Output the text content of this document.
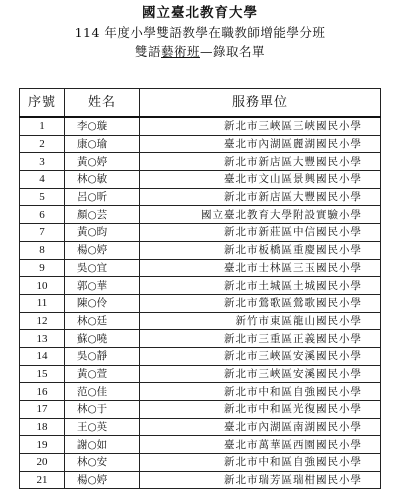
國立臺北教育大學
114 年度小學雙語教學在職教師增能學分班
雙語藝術班—錄取名單
序號	姓名	服務單位
1	李○璇	新北市三峽區三峽國民小學
2	康○瑜	臺北市內湖區麗湖國民小學
3	黃○婷	新北市新店區大豐國民小學
4	林○敏	臺北市文山區景興國民小學
5	呂○昕	新北市新店區大豐國民小學
6	顏○芸	國立臺北教育大學附設實驗小學
7	黃○昀	新北市新莊區中信國民小學
8	楊○婷	新北市板橋區重慶國民小學
9	吳○宜	臺北市士林區三玉國民小學
10	郭○華	新北市土城區土城國民小學
11	陳○伶	新北市鶯歌區鶯歌國民小學
12	林○廷	新竹市東區龍山國民小學
13	蘇○嘵	新北市三重區正義國民小學
14	吳○靜	新北市三峽區安溪國民小學
15	黃○萱	新北市三峽區安溪國民小學
16	范○佳	新北市中和區自強國民小學
17	林○于	新北市中和區光復國民小學
18	王○英	臺北市內湖區南湖國民小學
19	謝○如	臺北市萬華區西園國民小學
20	林○安	新北市中和區自強國民小學
21	楊○婷	新北市瑞芳區瑞柑國民小學
